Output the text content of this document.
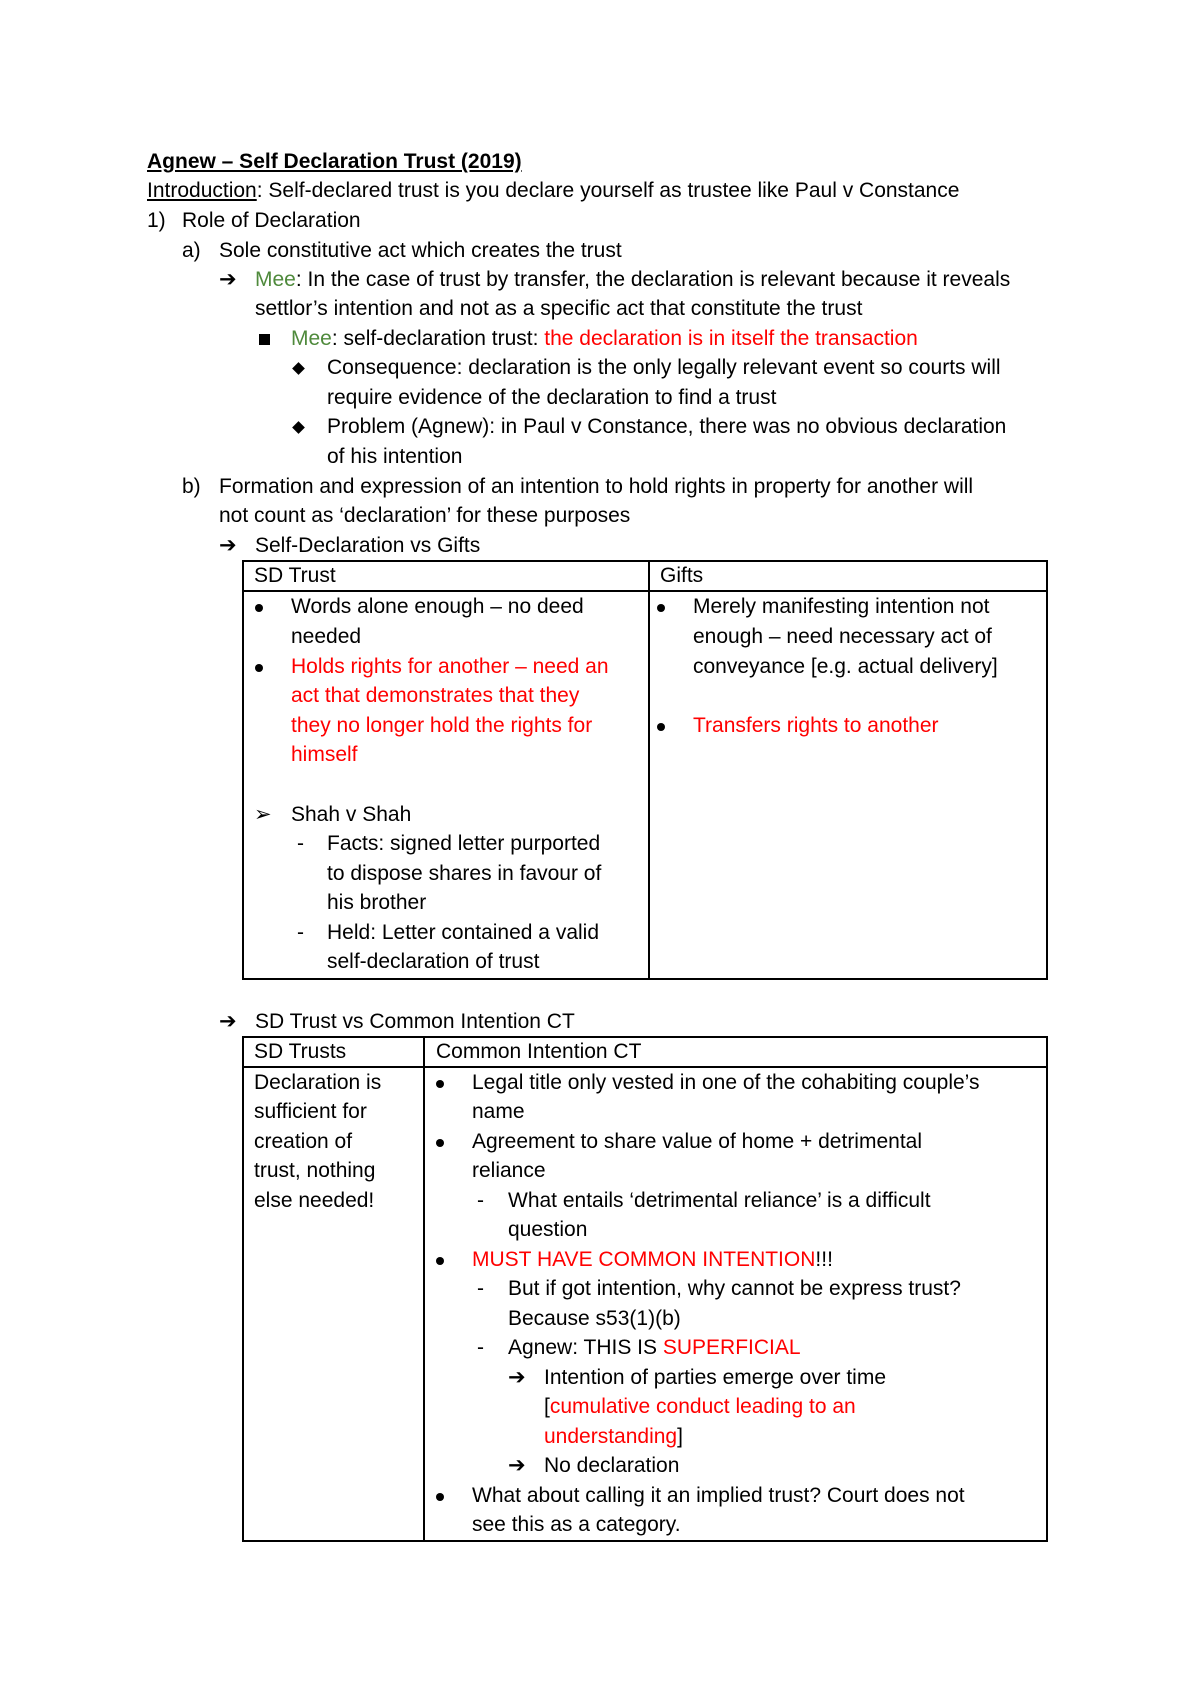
Agnew – Self Declaration Trust (2019)
Introduction: Self-declared trust is you declare yourself as trustee like Paul v Constance
1) Role of Declaration
a) Sole constitutive act which creates the trust
➔ Mee: In the case of trust by transfer, the declaration is relevant because it reveals
settlor’s intention and not as a specific act that constitute the trust
Mee: self-declaration trust: the declaration is in itself the transaction
Consequence: declaration is the only legally relevant event so courts will
require evidence of the declaration to find a trust
Problem (Agnew): in Paul v Constance, there was no obvious declaration
of his intention
b) Formation and expression of an intention to hold rights in property for another will
not count as ‘declaration’ for these purposes
➔ Self-Declaration vs Gifts
SD Trust	Gifts
Words alone enough – no deed
needed
Holds rights for another – need an
act that demonstrates that they
they no longer hold the rights for
himself
➢ Shah v Shah
- Facts: signed letter purported
to dispose shares in favour of
his brother
- Held: Letter contained a valid
self-declaration of trust
Merely manifesting intention not
enough – need necessary act of
conveyance [e.g. actual delivery]
Transfers rights to another
➔ SD Trust vs Common Intention CT
SD Trusts	Common Intention CT
Declaration is
sufficient for
creation of
trust, nothing
else needed!
Legal title only vested in one of the cohabiting couple’s
name
Agreement to share value of home + detrimental
reliance
- What entails ‘detrimental reliance’ is a difficult
question
MUST HAVE COMMON INTENTION!!!
- But if got intention, why cannot be express trust?
Because s53(1)(b)
- Agnew: THIS IS SUPERFICIAL
➔ Intention of parties emerge over time
[cumulative conduct leading to an
understanding]
➔ No declaration
What about calling it an implied trust? Court does not
see this as a category.
